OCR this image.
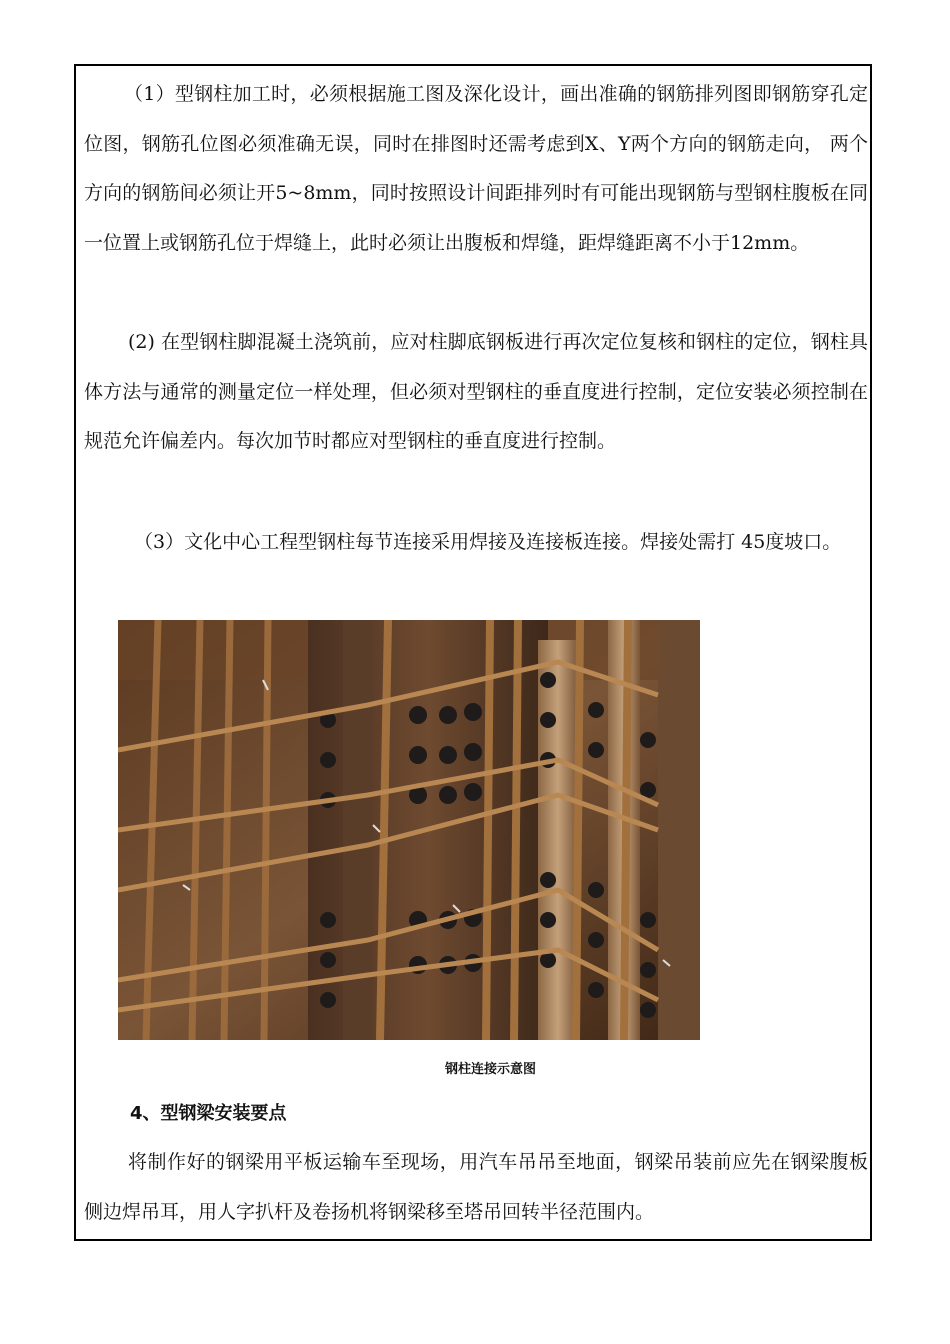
（1）型钢柱加工时，必须根据施工图及深化设计，画出准确的钢筋排列图即钢筋穿孔定位图，钢筋孔位图必须准确无误，同时在排图时还需考虑到X、Y两个方向的钢筋走向， 两个方向的钢筋间必须让开5~8mm，同时按照设计间距排列时有可能出现钢筋与型钢柱腹板在同一位置上或钢筋孔位于焊缝上，此时必须让出腹板和焊缝，距焊缝距离不小于12mm。

(2) 在型钢柱脚混凝土浇筑前，应对柱脚底钢板进行再次定位复核和钢柱的定位，钢柱具体方法与通常的测量定位一样处理，但必须对型钢柱的垂直度进行控制，定位安装必须控制在规范允许偏差内。每次加节时都应对型钢柱的垂直度进行控制。

（3）文化中心工程型钢柱每节连接采用焊接及连接板连接。焊接处需打 45度坡口。

钢柱连接示意图
4、型钢梁安装要点

将制作好的钢梁用平板运输车至现场，用汽车吊吊至地面，钢梁吊装前应先在钢梁腹板侧边焊吊耳，用人字扒杆及卷扬机将钢梁移至塔吊回转半径范围内。
